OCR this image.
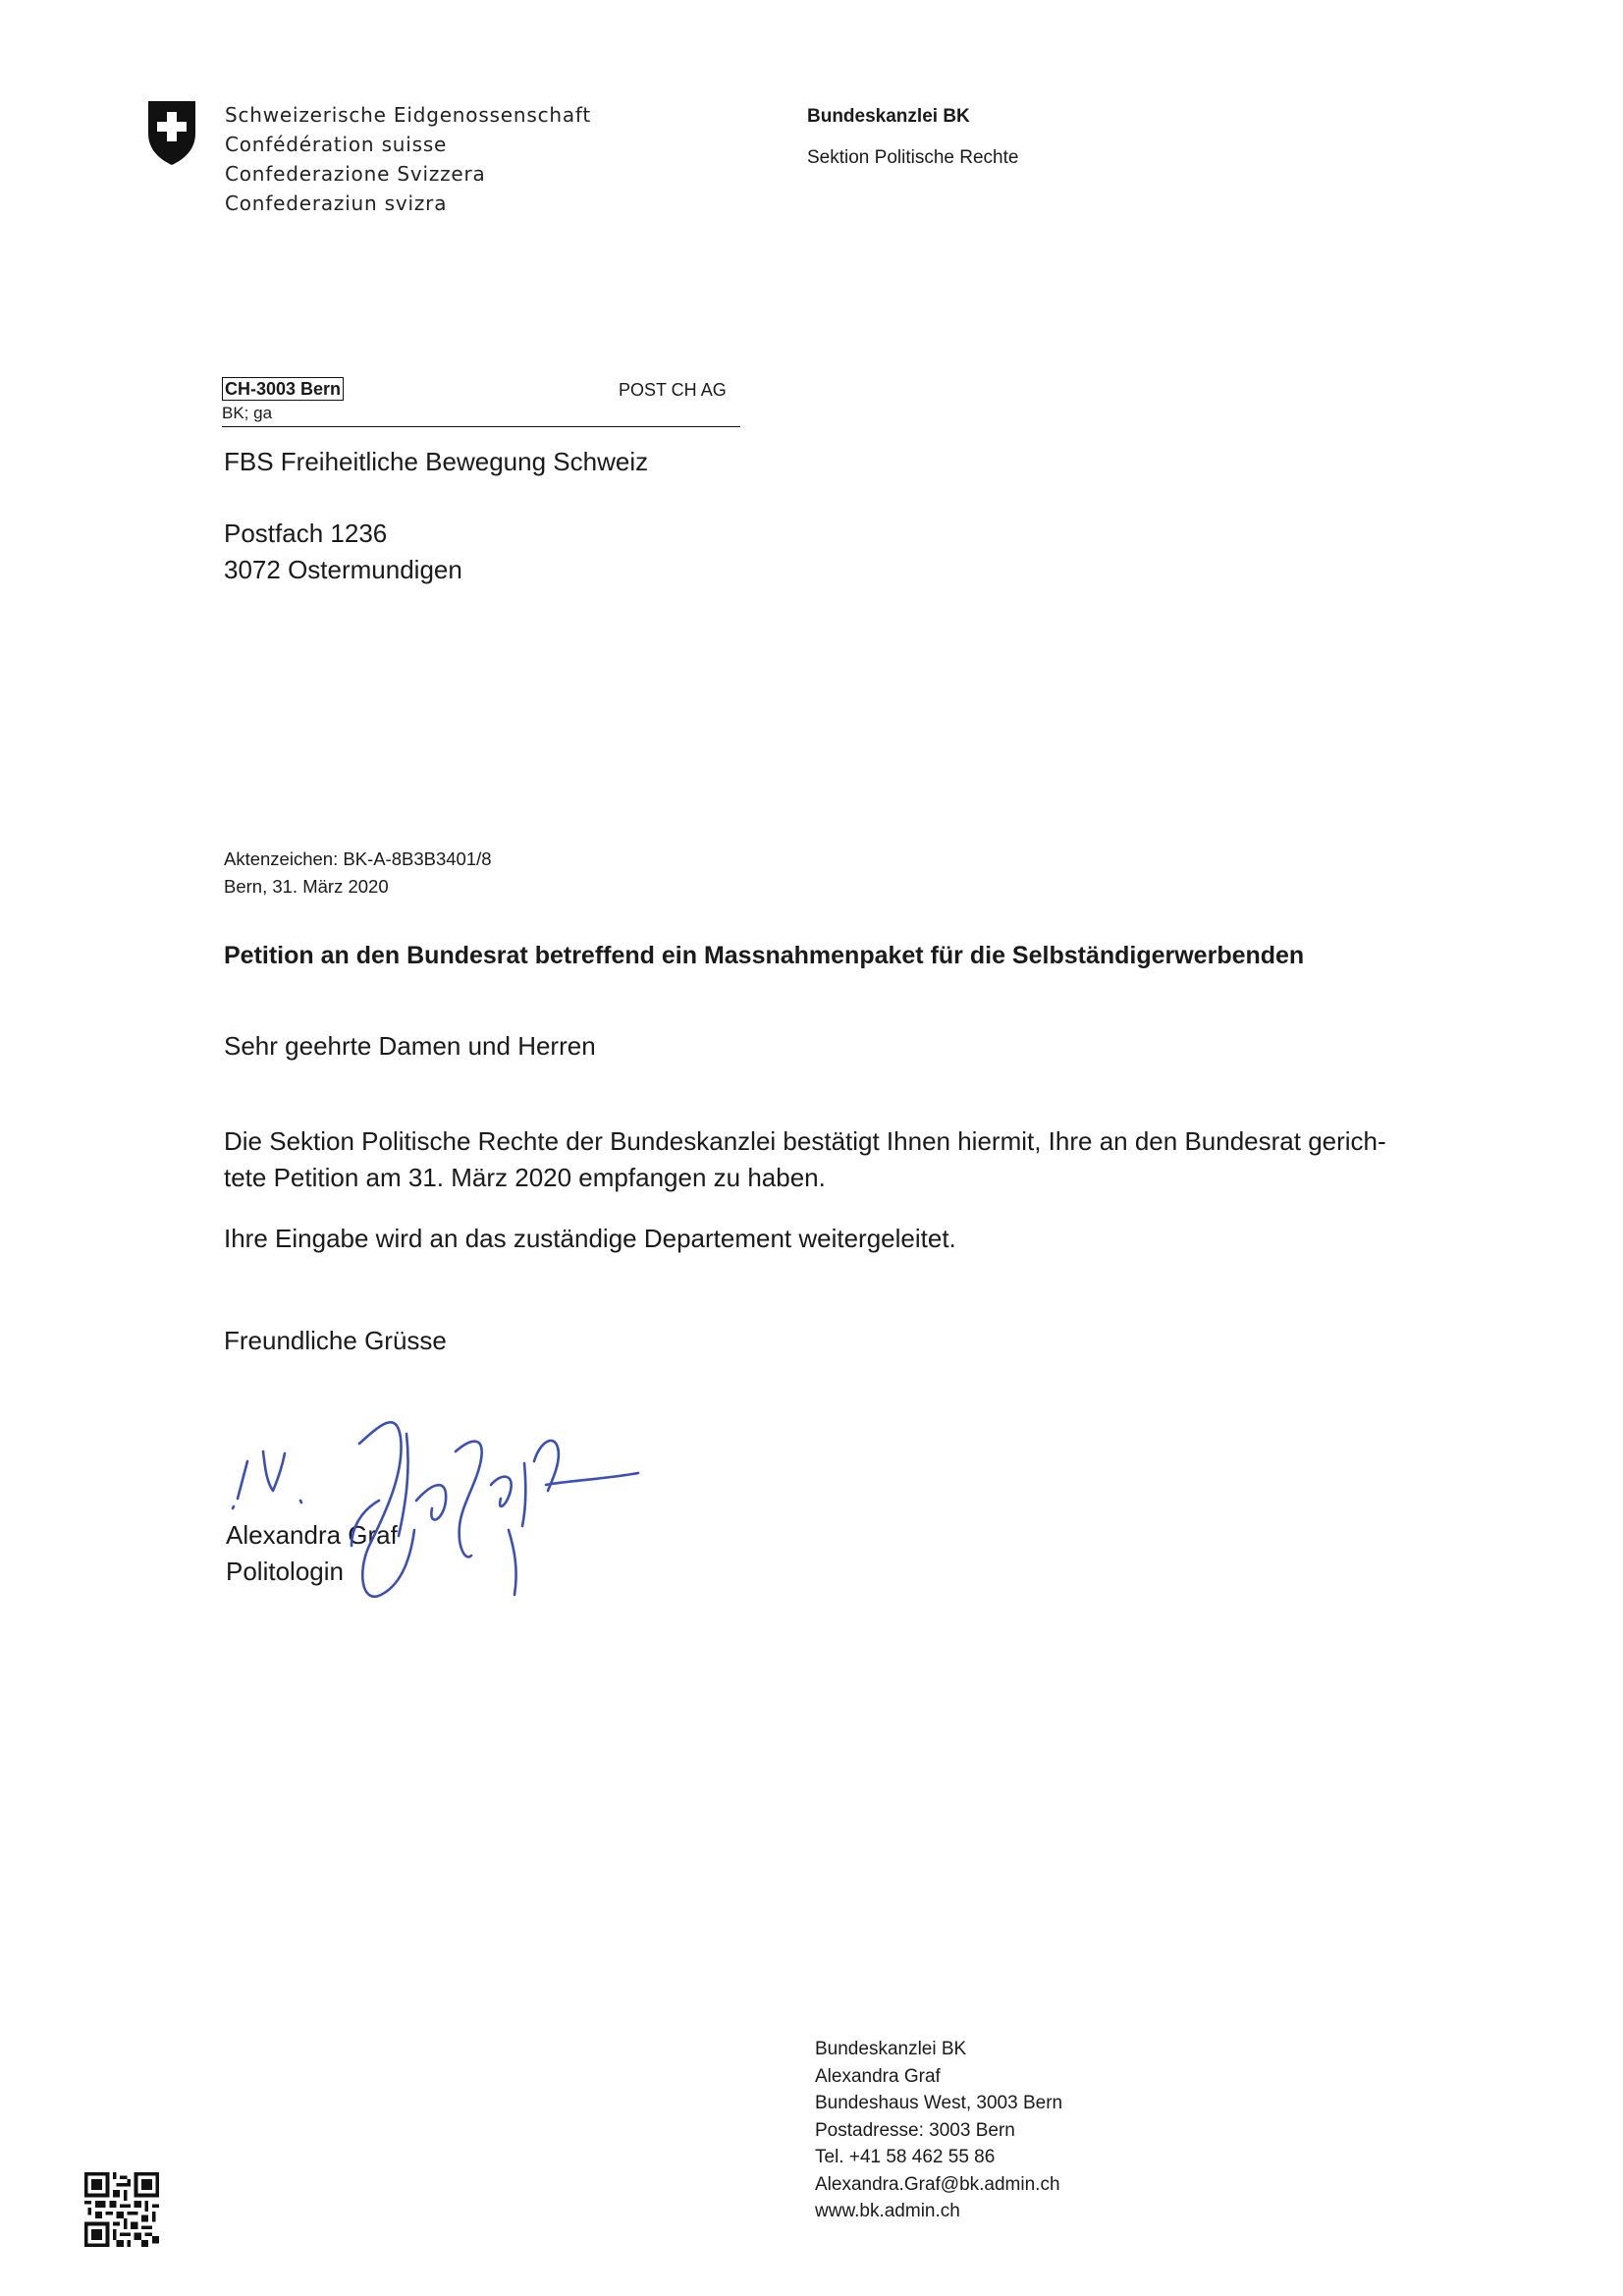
Schweizerische Eidgenossenschaft
Confédération suisse
Confederazione Svizzera
Confederaziun svizra
Bundeskanzlei BK
Sektion Politische Rechte
CH-3003 Bern	POST CH AG
BK; ga
FBS Freiheitliche Bewegung Schweiz
Postfach 1236
3072 Ostermundigen
Aktenzeichen: BK-A-8B3B3401/8
Bern, 31. März 2020
Petition an den Bundesrat betreffend ein Massnahmenpaket für die Selbständigerwerbenden
Sehr geehrte Damen und Herren
Die Sektion Politische Rechte der Bundeskanzlei bestätigt Ihnen hiermit, Ihre an den Bundesrat gerich-
tete Petition am 31. März 2020 empfangen zu haben.
Ihre Eingabe wird an das zuständige Departement weitergeleitet.
Freundliche Grüsse
Alexandra Graf
Politologin
Bundeskanzlei BK
Alexandra Graf
Bundeshaus West, 3003 Bern
Postadresse: 3003 Bern
Tel. +41 58 462 55 86
Alexandra.Graf@bk.admin.ch
www.bk.admin.ch
